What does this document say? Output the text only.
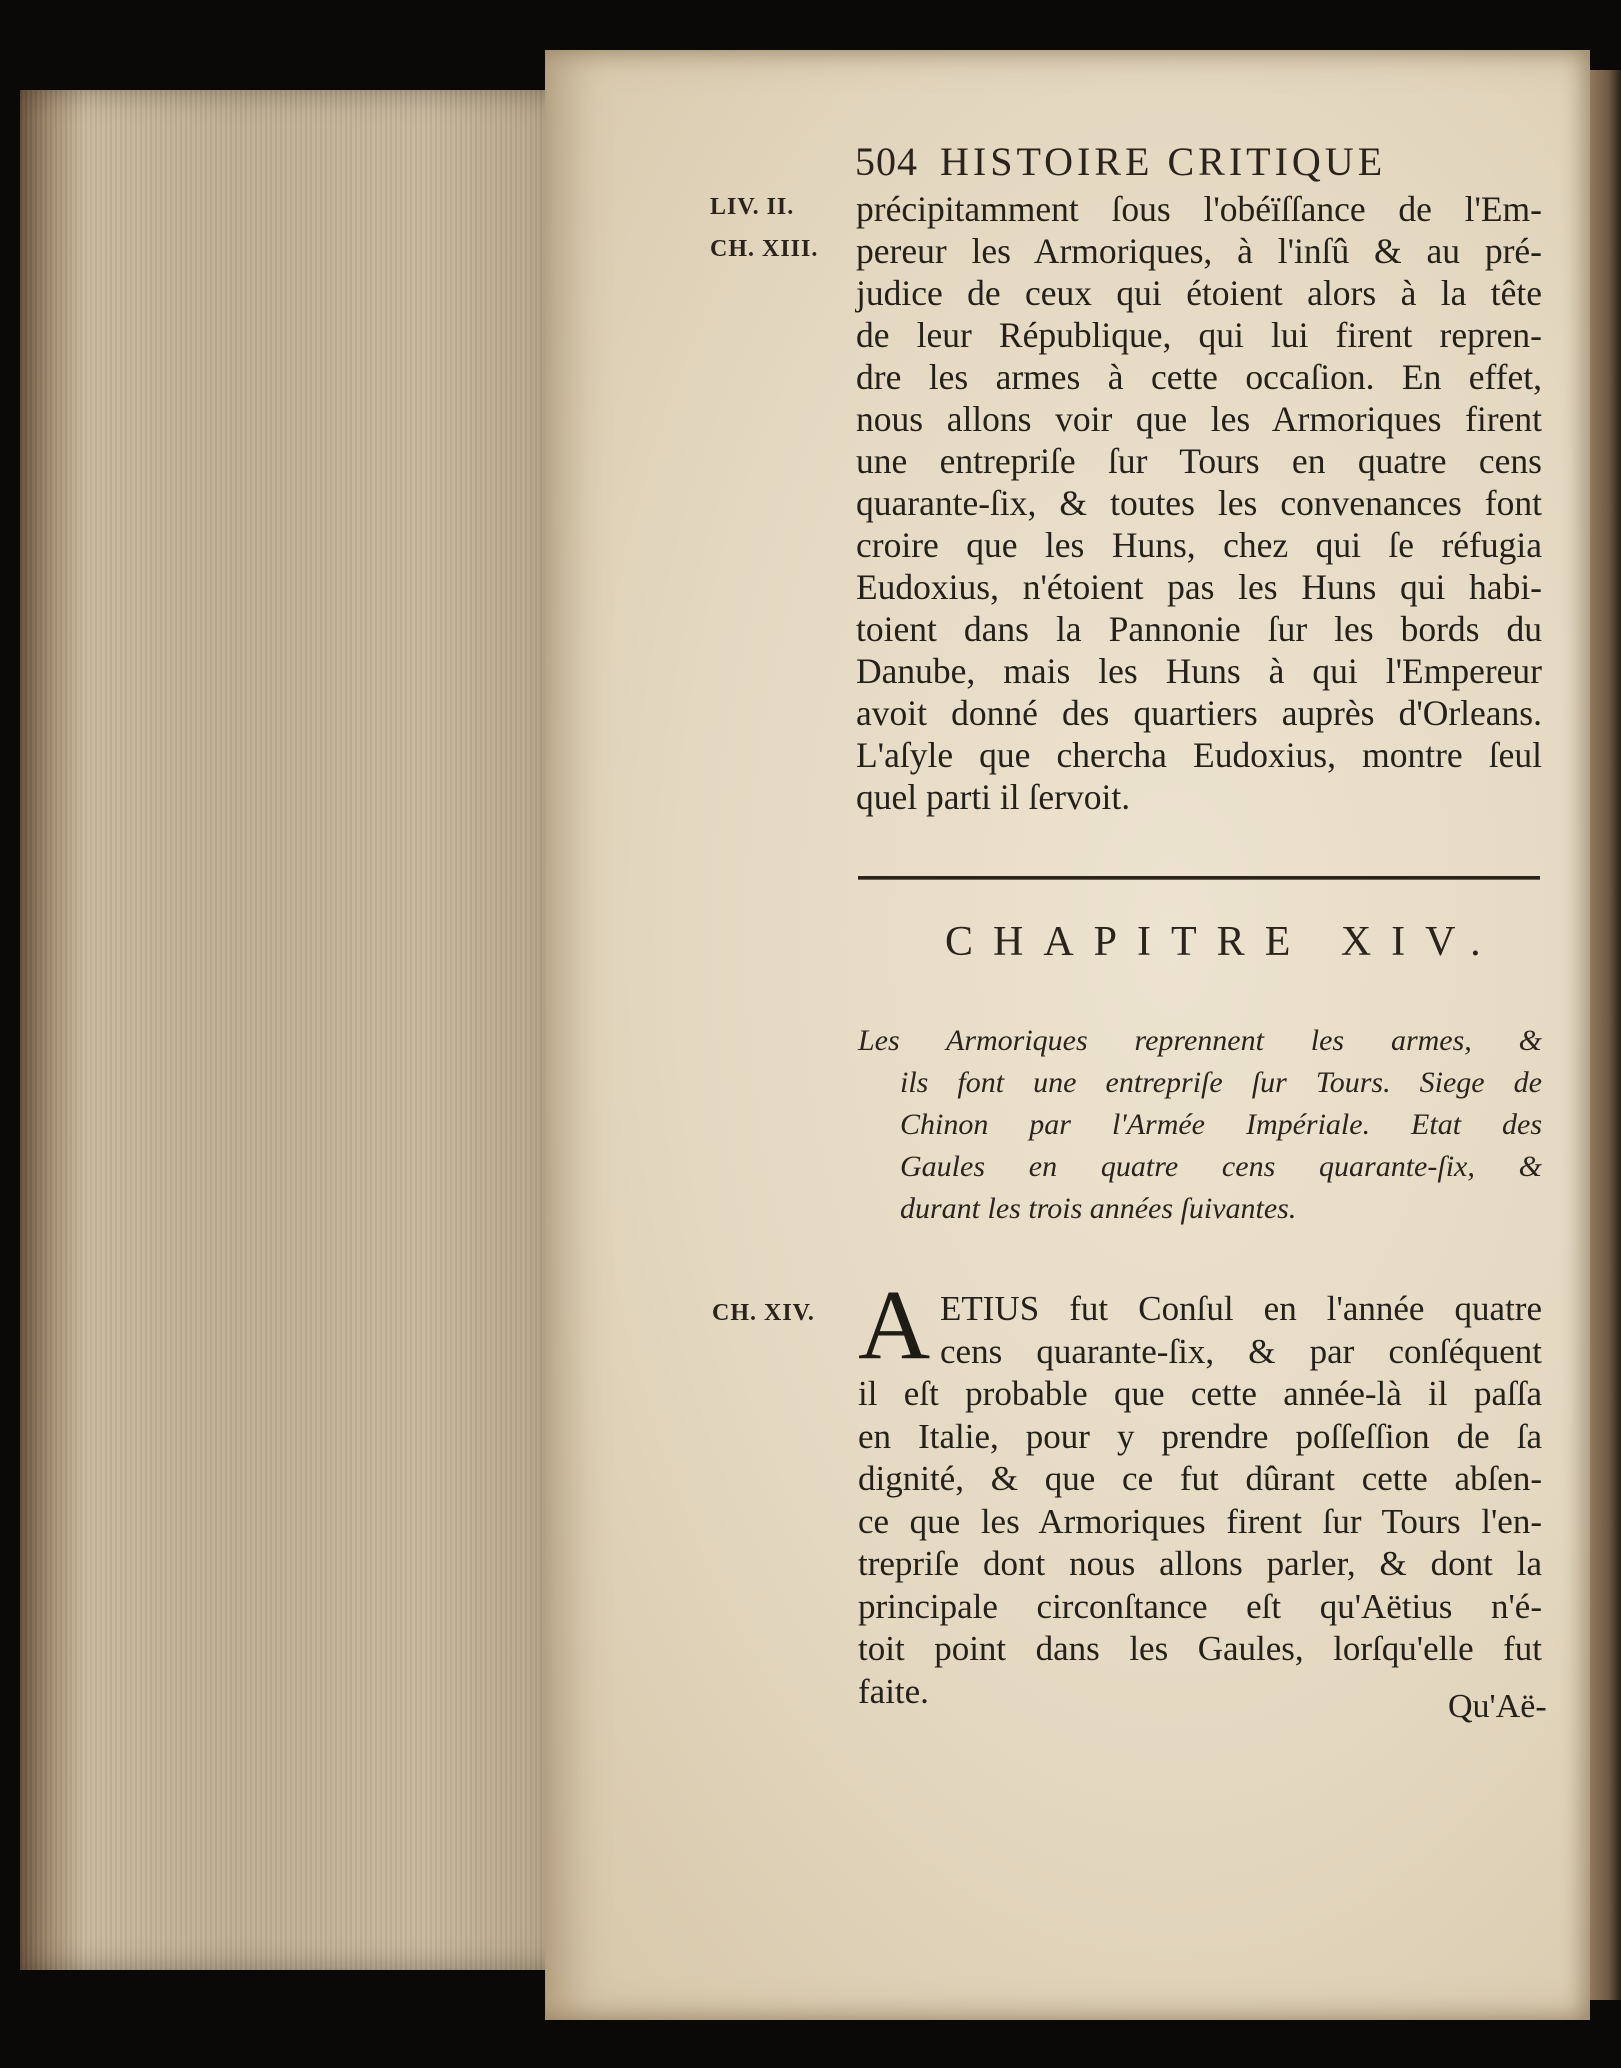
504 HISTOIRE CRITIQUE
LIV. II.
CH. XIII.
précipitamment ſous l'obéïſſance de l'Em-
pereur les Armoriques, à l'inſû & au pré-
judice de ceux qui étoient alors à la tête
de leur République, qui lui firent repren-
dre les armes à cette occaſion. En effet,
nous allons voir que les Armoriques firent
une entrepriſe ſur Tours en quatre cens
quarante-ſix, & toutes les convenances font
croire que les Huns, chez qui ſe réfugia
Eudoxius, n'étoient pas les Huns qui habi-
toient dans la Pannonie ſur les bords du
Danube, mais les Huns à qui l'Empereur
avoit donné des quartiers auprès d'Orleans.
L'aſyle que chercha Eudoxius, montre ſeul
quel parti il ſervoit.
CHAPITRE XIV.
Les Armoriques reprennent les armes, &
ils font une entrepriſe ſur Tours. Siege de
Chinon par l'Armée Impériale. Etat des
Gaules en quatre cens quarante-ſix, &
durant les trois années ſuivantes.
CH. XIV. A ETIUS fut Conſul en l'année quatre
cens quarante-ſix, & par conſéquent
il eſt probable que cette année-là il paſſa
en Italie, pour y prendre poſſeſſion de ſa
dignité, & que ce fut dûrant cette abſen-
ce que les Armoriques firent ſur Tours l'en-
trepriſe dont nous allons parler, & dont la
principale circonſtance eſt qu'Aëtius n'é-
toit point dans les Gaules, lorſqu'elle fut
faite.	Qu'Aë-
